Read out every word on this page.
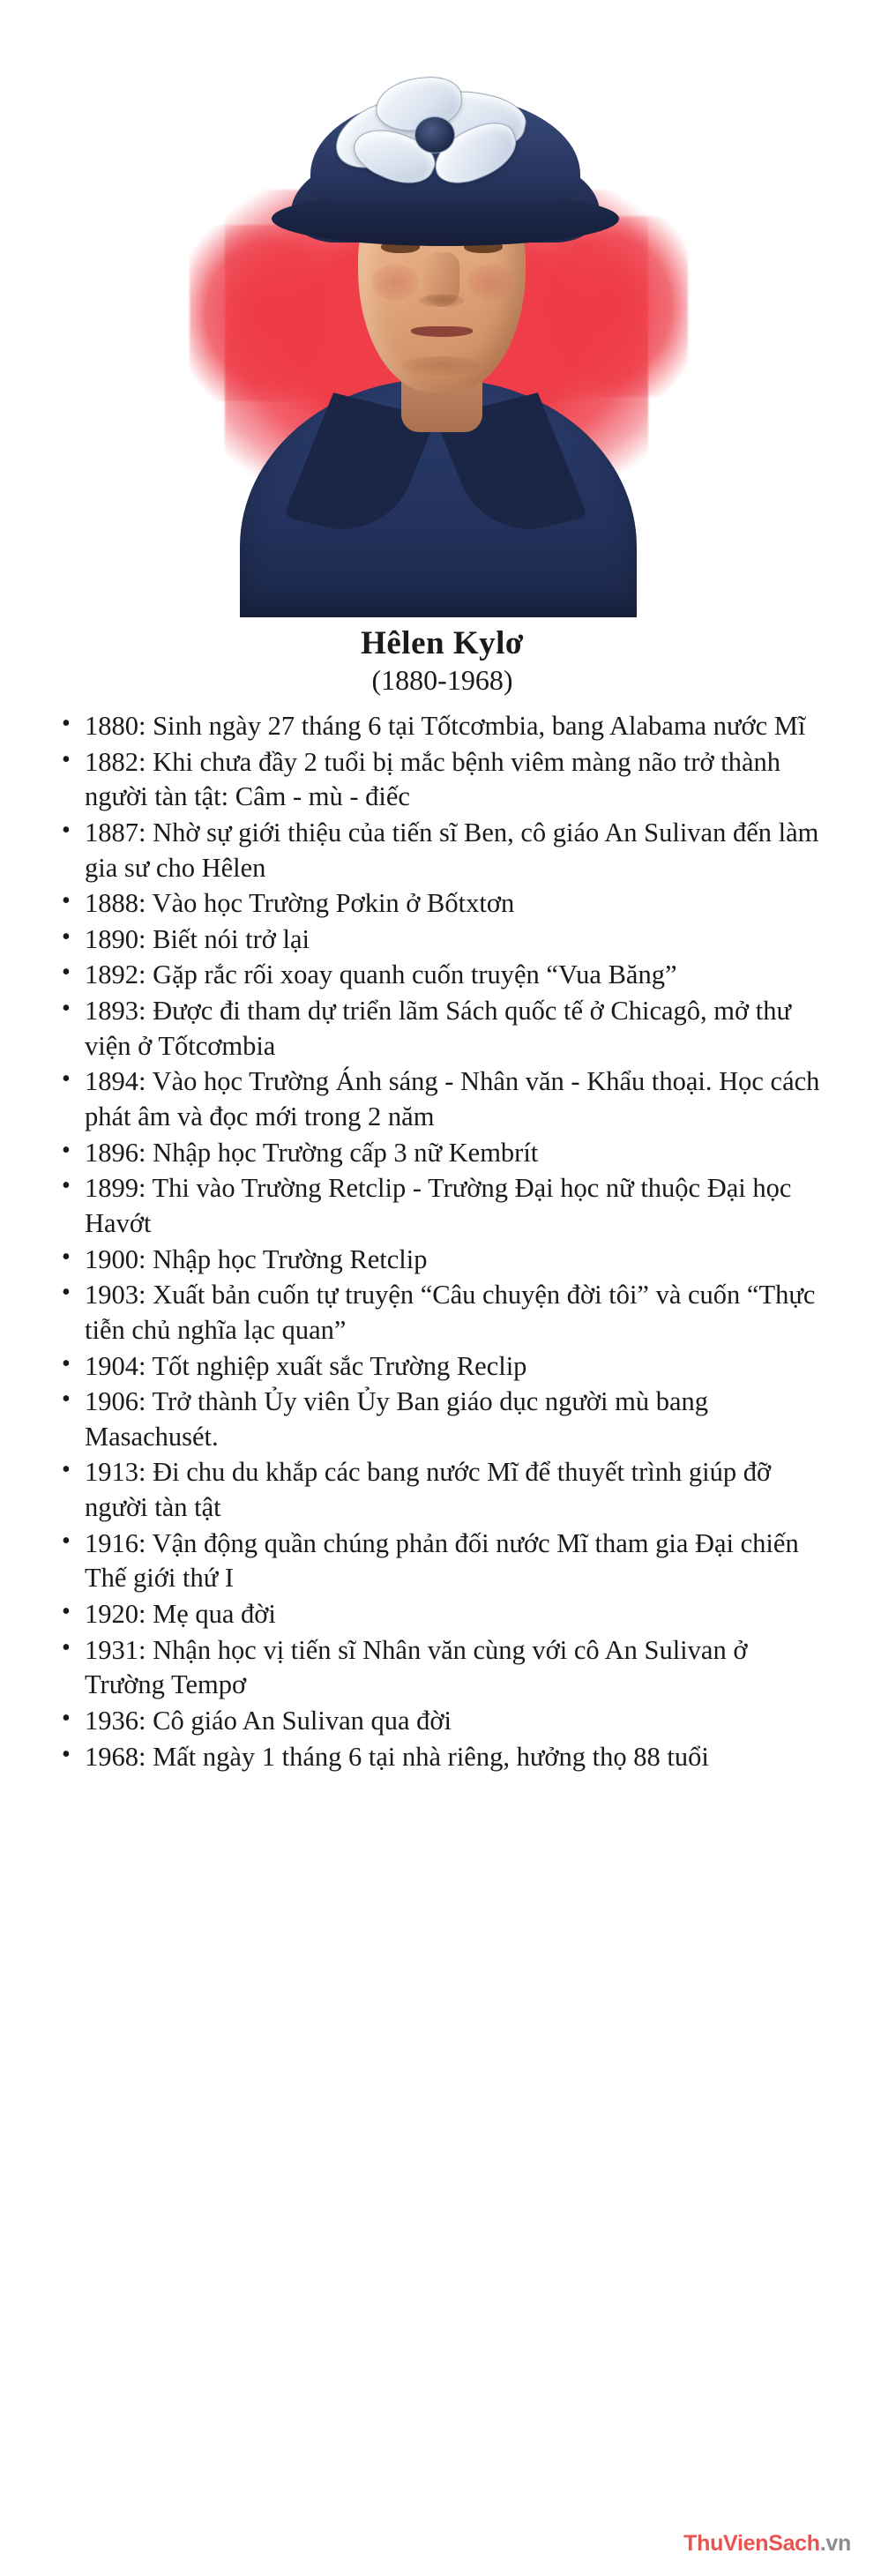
Hêlen Kylơ
(1880-1968)
• 1880: Sinh ngày 27 tháng 6 tại Tốtcơmbia, bang Alabama nước Mĩ
• 1882: Khi chưa đầy 2 tuổi bị mắc bệnh viêm màng não trở thành người tàn tật: Câm - mù - điếc
• 1887: Nhờ sự giới thiệu của tiến sĩ Ben, cô giáo An Sulivan đến làm gia sư cho Hêlen
• 1888: Vào học Trường Pơkin ở Bốtxtơn
• 1890: Biết nói trở lại
• 1892: Gặp rắc rối xoay quanh cuốn truyện “Vua Băng”
• 1893: Được đi tham dự triển lãm Sách quốc tế ở Chicagô, mở thư viện ở Tốtcơmbia
• 1894: Vào học Trường Ánh sáng - Nhân văn - Khẩu thoại. Học cách phát âm và đọc mới trong 2 năm
• 1896: Nhập học Trường cấp 3 nữ Kembrít
• 1899: Thi vào Trường Retclip - Trường Đại học nữ thuộc Đại học Havớt
• 1900: Nhập học Trường Retclip
• 1903: Xuất bản cuốn tự truyện “Câu chuyện đời tôi” và cuốn “Thực tiễn chủ nghĩa lạc quan”
• 1904: Tốt nghiệp xuất sắc Trường Reclip
• 1906: Trở thành Ủy viên Ủy Ban giáo dục người mù bang Masachusét.
• 1913: Đi chu du khắp các bang nước Mĩ để thuyết trình giúp đỡ người tàn tật
• 1916: Vận động quần chúng phản đối nước Mĩ tham gia Đại chiến Thế giới thứ I
• 1920: Mẹ qua đời
• 1931: Nhận học vị tiến sĩ Nhân văn cùng với cô An Sulivan ở Trường Tempơ
• 1936: Cô giáo An Sulivan qua đời
• 1968: Mất ngày 1 tháng 6 tại nhà riêng, hưởng thọ 88 tuổi
ThuVienSach.vn
